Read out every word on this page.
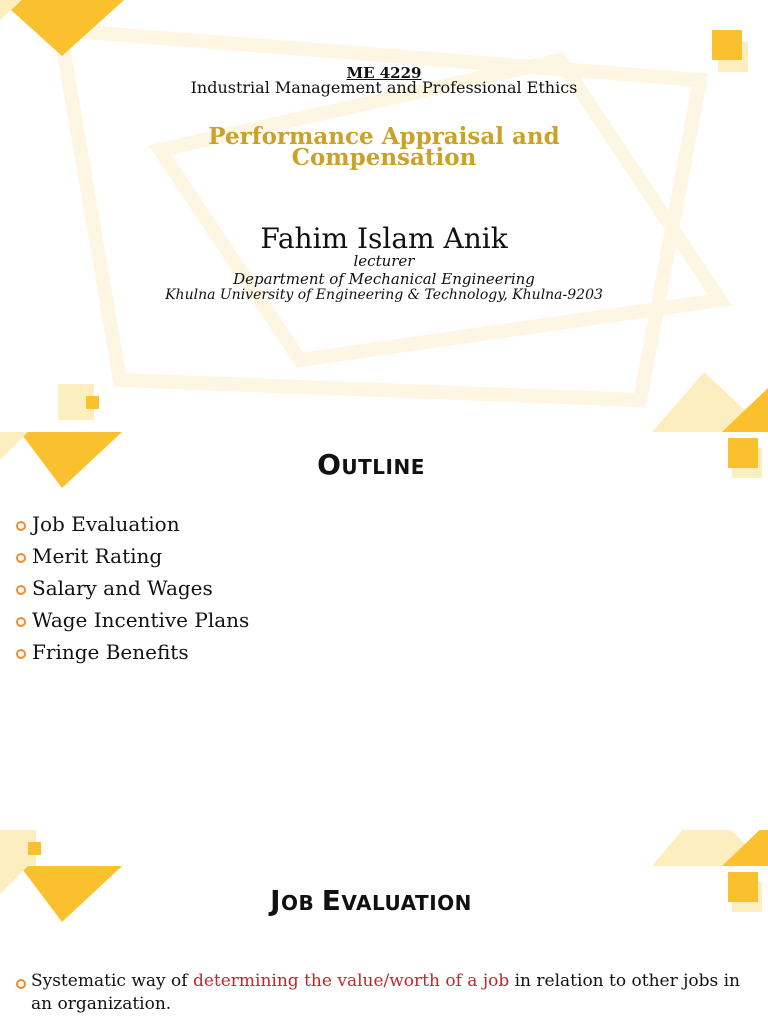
ME 4229
Industrial Management and Professional Ethics
Performance Appraisal and
Compensation
Fahim Islam Anik
lecturer
Department of Mechanical Engineering
Khulna University of Engineering & Technology, Khulna-9203
OUTLINE
Job Evaluation
Merit Rating
Salary and Wages
Wage Incentive Plans
Fringe Benefits
JOB EVALUATION
Systematic way of determining the value/worth of a job in relation to other jobs in an organization.
